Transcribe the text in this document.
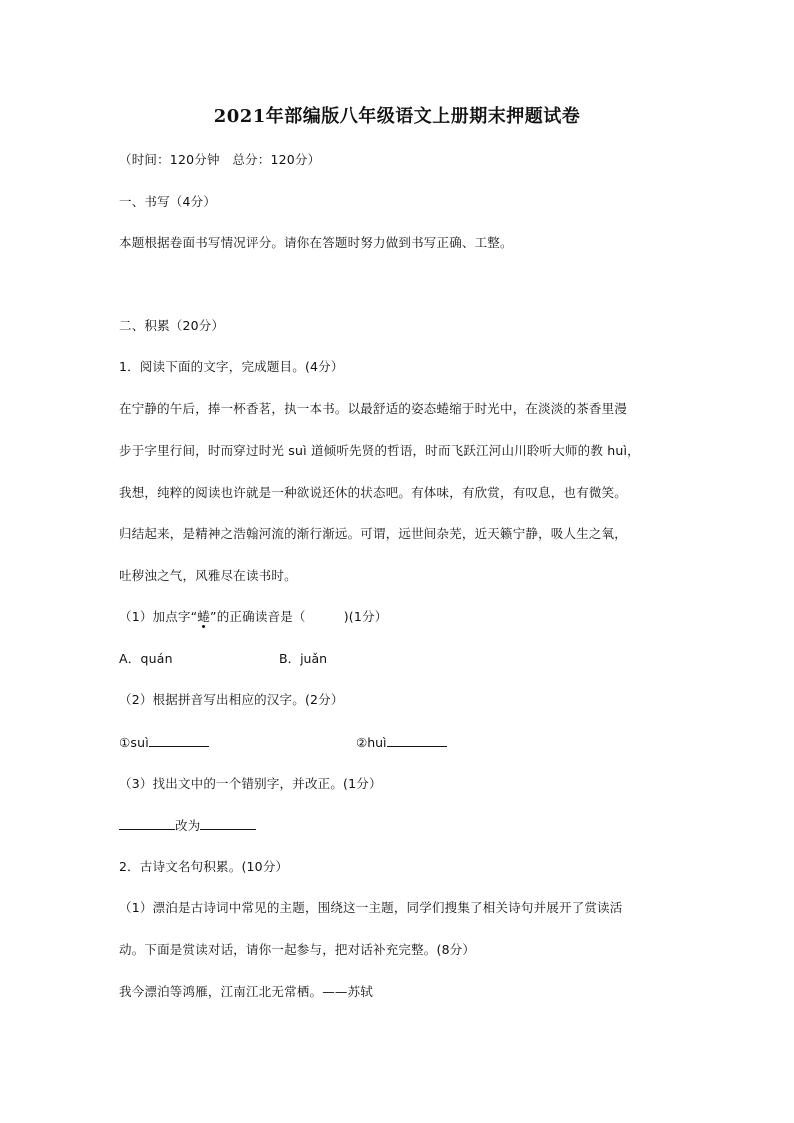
2021年部编版八年级语文上册期末押题试卷
（时间：120分钟　总分：120分）
一、书写（4分）
本题根据卷面书写情况评分。请你在答题时努力做到书写正确、工整。
二、积累（20分）
1．阅读下面的文字，完成题目。(4分）
在宁静的午后，捧一杯香茗，执一本书。以最舒适的姿态蜷缩于时光中，在淡淡的茶香里漫
步于字里行间，时而穿过时光 suì 道倾听先贤的哲语，时而飞跃江河山川聆听大师的教 huì，
我想，纯粹的阅读也许就是一种欲说还休的状态吧。有体味，有欣赏，有叹息，也有微笑。
归结起来，是精神之浩翰河流的渐行渐远。可谓，远世间杂芜，近天籁宁静，吸人生之氧，
吐秽浊之气，风雅尽在读书时。
（1）加点字“蜷”的正确读音是（　　　)(1分）
A．quán	B．juǎn
（2）根据拼音写出相应的汉字。(2分）
①suì	②huì
（3）找出文中的一个错别字，并改正。(1分）
改为
2．古诗文名句积累。(10分）
（1）漂泊是古诗词中常见的主题，围绕这一主题，同学们搜集了相关诗句并展开了赏读活
动。下面是赏读对话，请你一起参与，把对话补充完整。(8分）
我今漂泊等鸿雁，江南江北无常栖。——苏轼
